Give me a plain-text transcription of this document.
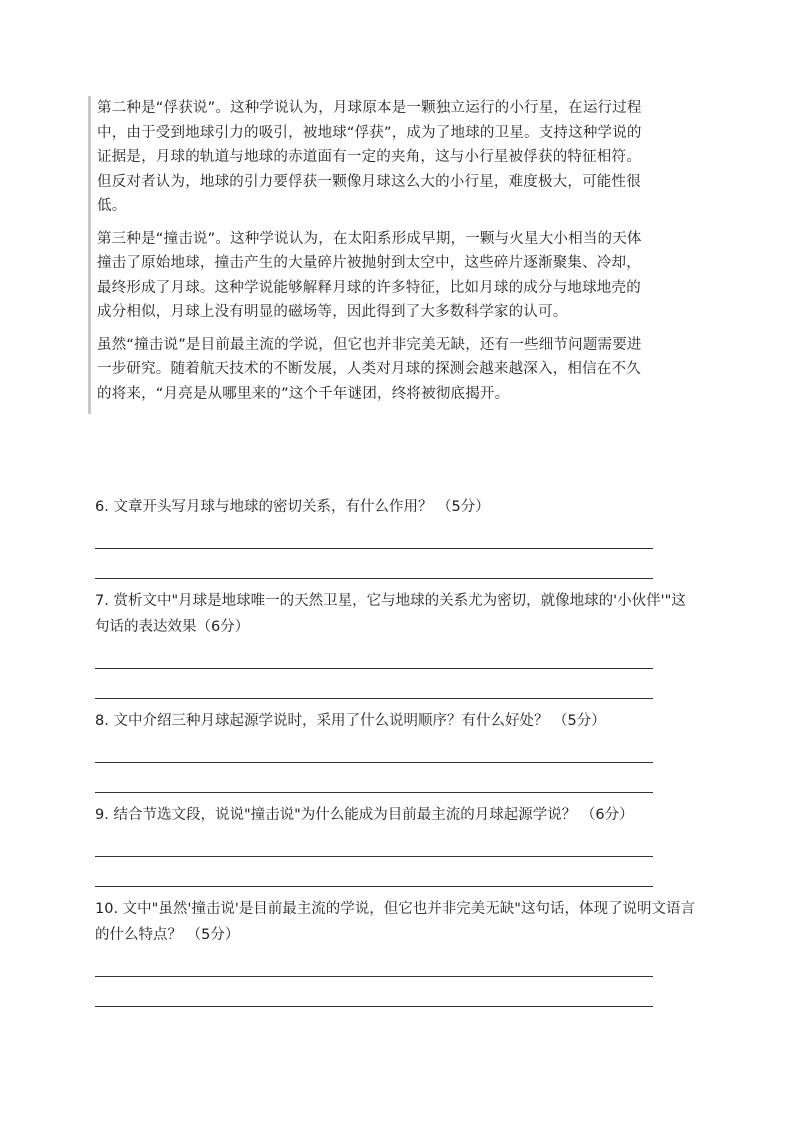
第二种是“俘获说”。这种学说认为，月球原本是一颗独立运行的小行星，在运行过程中，由于受到地球引力的吸引，被地球“俘获”，成为了地球的卫星。支持这种学说的证据是，月球的轨道与地球的赤道面有一定的夹角，这与小行星被俘获的特征相符。但反对者认为，地球的引力要俘获一颗像月球这么大的小行星，难度极大，可能性很低。

第三种是“撞击说”。这种学说认为，在太阳系形成早期，一颗与火星大小相当的天体撞击了原始地球，撞击产生的大量碎片被抛射到太空中，这些碎片逐渐聚集、冷却，最终形成了月球。这种学说能够解释月球的许多特征，比如月球的成分与地球地壳的成分相似，月球上没有明显的磁场等，因此得到了大多数科学家的认可。

虽然“撞击说”是目前最主流的学说，但它也并非完美无缺，还有一些细节问题需要进一步研究。随着航天技术的不断发展，人类对月球的探测会越来越深入，相信在不久的将来，“月亮是从哪里来的”这个千年谜团，终将被彻底揭开。

6. 文章开头写月球与地球的密切关系，有什么作用？ （5分）
7. 赏析文中"月球是地球唯一的天然卫星，它与地球的关系尤为密切，就像地球的'小伙伴'"这句话的表达效果（6分）
8. 文中介绍三种月球起源学说时，采用了什么说明顺序？有什么好处？ （5分）
9. 结合节选文段，说说"撞击说"为什么能成为目前最主流的月球起源学说？ （6分）
10. 文中"虽然'撞击说'是目前最主流的学说，但它也并非完美无缺"这句话，体现了说明文语言的什么特点？ （5分）
